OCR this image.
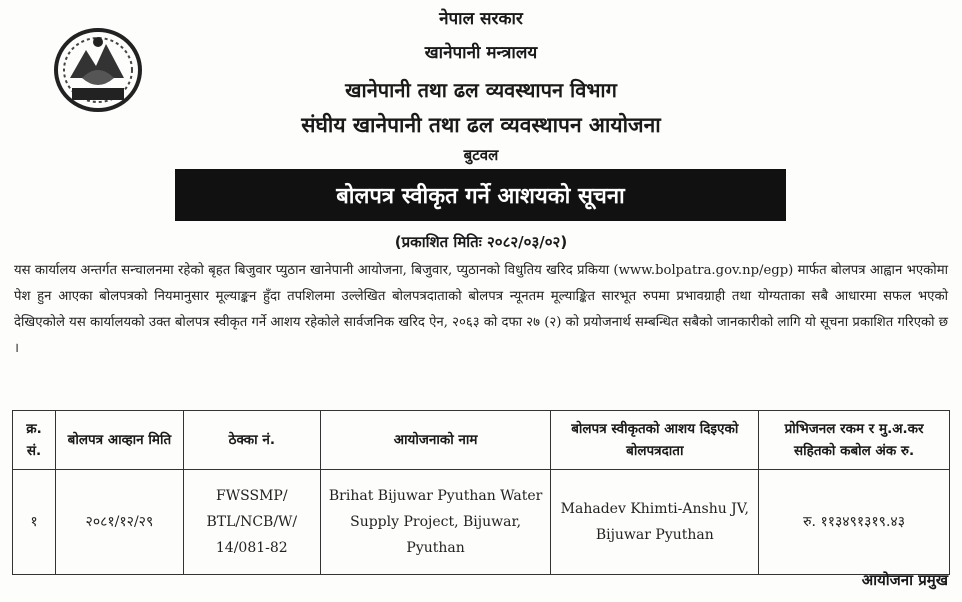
नेपाल सरकार
खानेपानी मन्त्रालय
खानेपानी तथा ढल व्यवस्थापन विभाग
संघीय खानेपानी तथा ढल व्यवस्थापन आयोजना
बुटवल
बोलपत्र स्वीकृत गर्ने आशयको सूचना
(प्रकाशित मितिः २०८२/०३/०२)
यस कार्यालय अन्तर्गत सन्चालनमा रहेको बृहत बिजुवार प्युठान खानेपानी आयोजना, बिजुवार, प्युठानको विधुतिय खरिद प्रकिया (www.bolpatra.gov.np/egp) मार्फत बोलपत्र आह्वान भएकोमा पेश हुन आएका बोलपत्रको नियमानुसार मूल्याङ्कन हुँदा तपशिलमा उल्लेखित बोलपत्रदाताको बोलपत्र न्यूनतम मूल्याङ्कित सारभूत रुपमा प्रभावग्राही तथा योग्यताका सबै आधारमा सफल भएको देखिएकोले यस कार्यालयको उक्त बोलपत्र स्वीकृत गर्ने आशय रहेकोले सार्वजनिक खरिद ऐन, २०६३ को दफा २७ (२) को प्रयोजनार्थ सम्बन्धित सबैको जानकारीको लागि यो सूचना प्रकाशित गरिएको छ ।
क्र. सं.	बोलपत्र आव्हान मिति	ठेक्का नं.	आयोजनाको नाम	बोलपत्र स्वीकृतको आशय दिइएको बोलपत्रदाता	प्रोभिजनल रकम र मु.अ.कर सहितको कबोल अंक रु.
१	२०८१/१२/२९	FWSSMP/ BTL/NCB/W/ 14/081-82	Brihat Bijuwar Pyuthan Water Supply Project, Bijuwar, Pyuthan	Mahadev Khimti-Anshu JV, Bijuwar Pyuthan	रु. ११३४९१३१९.४३
आयोजना प्रमुख
